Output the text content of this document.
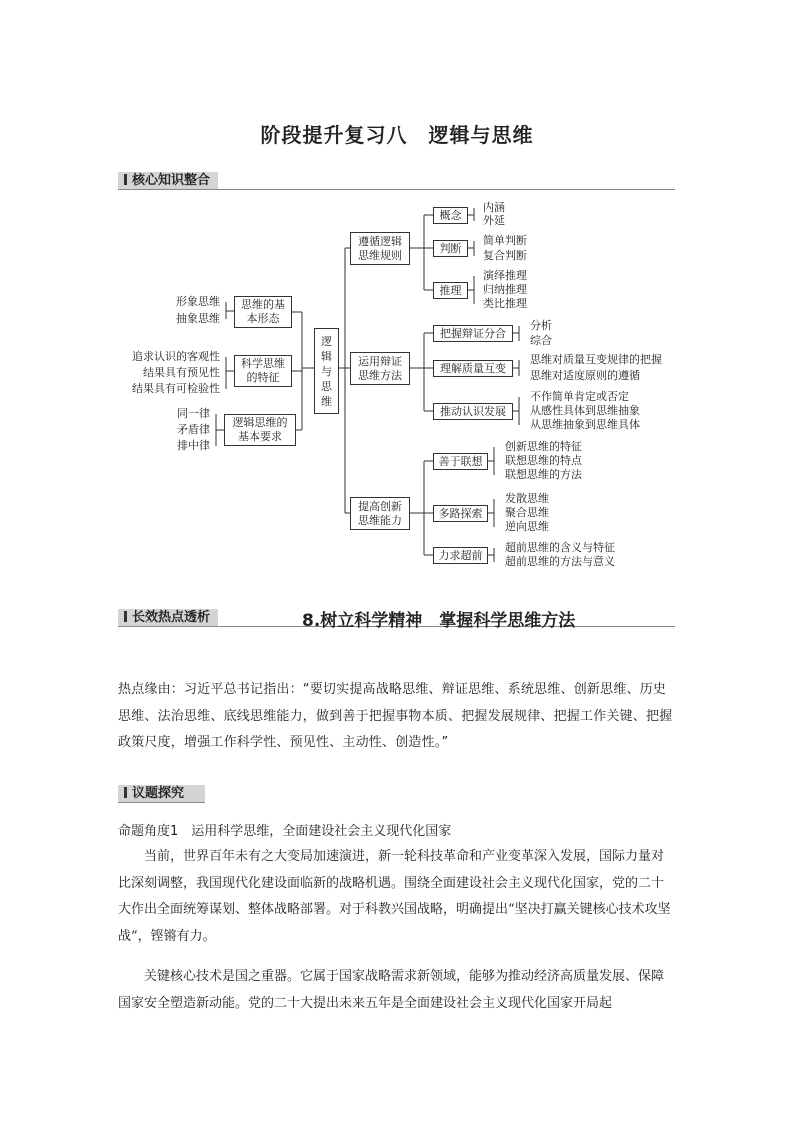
阶段提升复习八　逻辑与思维
核心知识整合
逻
辑
与
思
维
思维的基
本形态
科学思维
的特征
逻辑思维的
基本要求
形象思维
抽象思维
追求认识的客观性
结果具有预见性
结果具有可检验性
同一律
矛盾律
排中律
遵循逻辑
思维规则
运用辩证
思维方法
提高创新
思维能力
概念
判断
推理
内涵
外延
简单判断
复合判断
演绎推理
归纳推理
类比推理
把握辩证分合
理解质量互变
推动认识发展
分析
综合
思维对质量互变规律的把握
思维对适度原则的遵循
不作简单肯定或否定
从感性具体到思维抽象
从思维抽象到思维具体
善于联想
多路探索
力求超前
创新思维的特征
联想思维的特点
联想思维的方法
发散思维
聚合思维
逆向思维
超前思维的含义与特征
超前思维的方法与意义
长效热点透析	8.树立科学精神　掌握科学思维方法
热点缘由：习近平总书记指出：“要切实提高战略思维、辩证思维、系统思维、创新思维、历史思维、法治思维、底线思维能力，做到善于把握事物本质、把握发展规律、把握工作关键、把握政策尺度，增强工作科学性、预见性、主动性、创造性。”
议题探究
命题角度1　运用科学思维，全面建设社会主义现代化国家
当前，世界百年未有之大变局加速演进，新一轮科技革命和产业变革深入发展，国际力量对比深刻调整，我国现代化建设面临新的战略机遇。围绕全面建设社会主义现代化国家，党的二十大作出全面统筹谋划、整体战略部署。对于科教兴国战略，明确提出“坚决打赢关键核心技术攻坚战”，铿锵有力。
关键核心技术是国之重器。它属于国家战略需求新领域，能够为推动经济高质量发展、保障国家安全塑造新动能。党的二十大提出未来五年是全面建设社会主义现代化国家开局起
